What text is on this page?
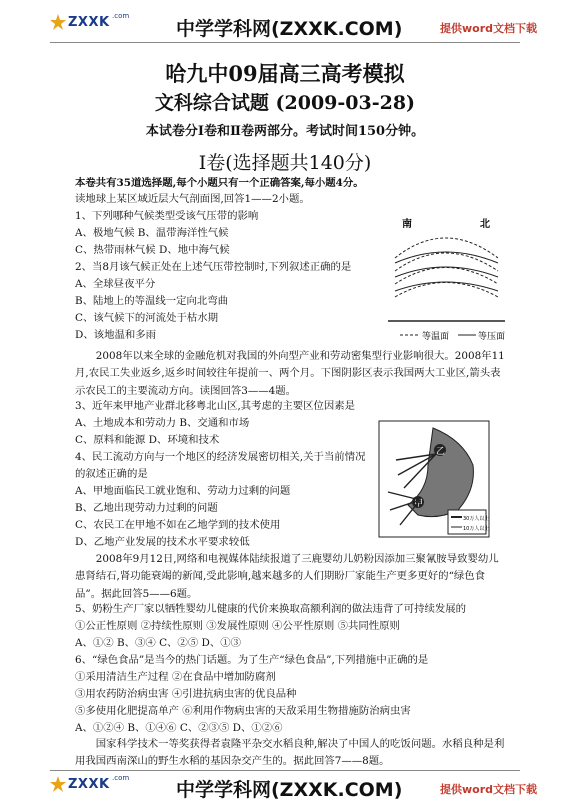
ZXXK .com
中学学科网(ZXXK.COM)	提供word文档下载
哈九中09届高三高考模拟
文科综合试题 (2009-03-28)
本试卷分Ⅰ卷和Ⅱ卷两部分。考试时间150分钟。
Ⅰ卷(选择题共140分)
本卷共有35道选择题,每个小题只有一个正确答案,每小题4分。
读地球上某区域近层大气剖面图,回答1——2小题。
1、下列哪种气候类型受该气压带的影响
A、极地气候 B、温带海洋性气候
C、热带雨林气候 D、地中海气候
2、当8月该气候正处在上述气压带控制时,下列叙述正确的是
A、全球昼夜平分
B、陆地上的等温线一定向北弯曲
C、该气候下的河流处于枯水期
D、该地温和多雨
南	北
等温面	等压面
2008年以来全球的金融危机对我国的外向型产业和劳动密集型行业影响很大。2008年11月,农民工失业返乡,返乡时间较往年提前一、两个月。下图阴影区表示我国两大工业区,箭头表示农民工的主要流动方向。读图回答3——4题。
3、近年来甲地产业群北移粤北山区,其考虑的主要区位因素是
A、土地成本和劳动力 B、交通和市场
C、原料和能源 D、环境和技术
4、民工流动方向与一个地区的经济发展密切相关,关于当前情况
的叙述正确的是
A、甲地面临民工就业饱和、劳动力过剩的问题
B、乙地出现劳动力过剩的问题
C、农民工在甲地不如在乙地学到的技术使用
D、乙地产业发展的技术水平要求较低
乙
甲
30万人以上
10万人以上
2008年9月12日,网络和电视媒体陆续报道了三鹿婴幼儿奶粉因添加三聚氰胺导致婴幼儿患肾结石,肾功能衰竭的新闻,受此影响,越来越多的人们期盼厂家能生产更多更好的“绿色食品”。据此回答5——6题。
5、奶粉生产厂家以牺牲婴幼儿健康的代价来换取高额利润的做法违背了可持续发展的
①公正性原则 ②持续性原则 ③发展性原则 ④公平性原则 ⑤共同性原则
A、①② B、③④ C、②⑤ D、①③
6、“绿色食品”是当今的热门话题。为了生产“绿色食品”,下列措施中正确的是
①采用清洁生产过程 ②在食品中增加防腐剂
③用农药防治病虫害 ④引进抗病虫害的优良品种
⑤多使用化肥提高单产 ⑥利用作物病虫害的天敌采用生物措施防治病虫害
A、①②④ B、①④⑥ C、②③⑤ D、①②⑥
国家科学技术一等奖获得者袁隆平杂交水稻良种,解决了中国人的吃饭问题。水稻良种是利用我国西南深山的野生水稻的基因杂交产生的。据此回答7——8题。
ZXXK .com
中学学科网(ZXXK.COM)	提供word文档下载
